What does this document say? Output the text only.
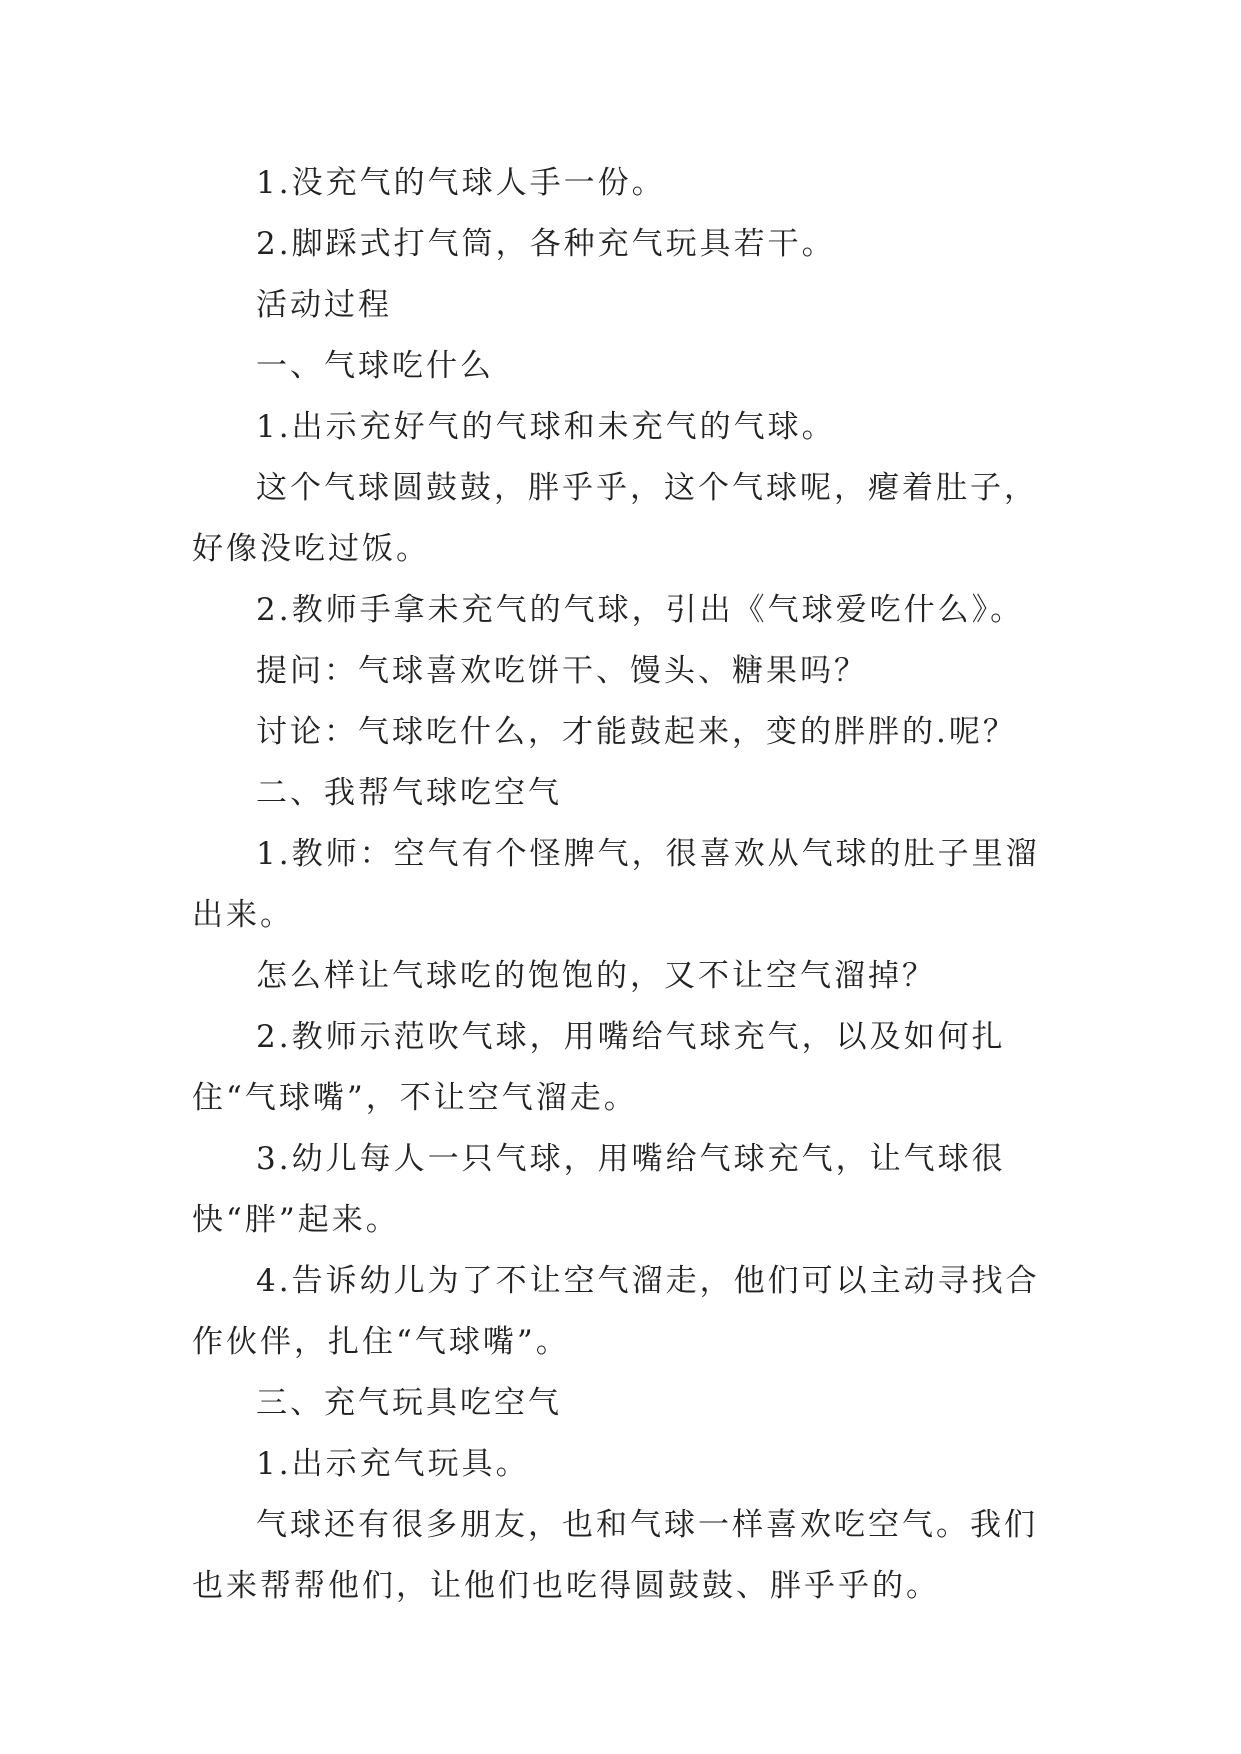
1.没充气的气球人手一份。

2.脚踩式打气筒，各种充气玩具若干。

活动过程

一、气球吃什么

1.出示充好气的气球和未充气的气球。

这个气球圆鼓鼓，胖乎乎，这个气球呢，瘪着肚子，好像没吃过饭。

2.教师手拿未充气的气球，引出《气球爱吃什么》。

提问：气球喜欢吃饼干、馒头、糖果吗？

讨论：气球吃什么，才能鼓起来，变的胖胖的.呢？

二、我帮气球吃空气

1.教师：空气有个怪脾气，很喜欢从气球的肚子里溜出来。

怎么样让气球吃的饱饱的，又不让空气溜掉？

2.教师示范吹气球，用嘴给气球充气，以及如何扎住“气球嘴”，不让空气溜走。

3.幼儿每人一只气球，用嘴给气球充气，让气球很快“胖”起来。

4.告诉幼儿为了不让空气溜走，他们可以主动寻找合作伙伴，扎住“气球嘴”。

三、充气玩具吃空气

1.出示充气玩具。

气球还有很多朋友，也和气球一样喜欢吃空气。我们也来帮帮他们，让他们也吃得圆鼓鼓、胖乎乎的。
